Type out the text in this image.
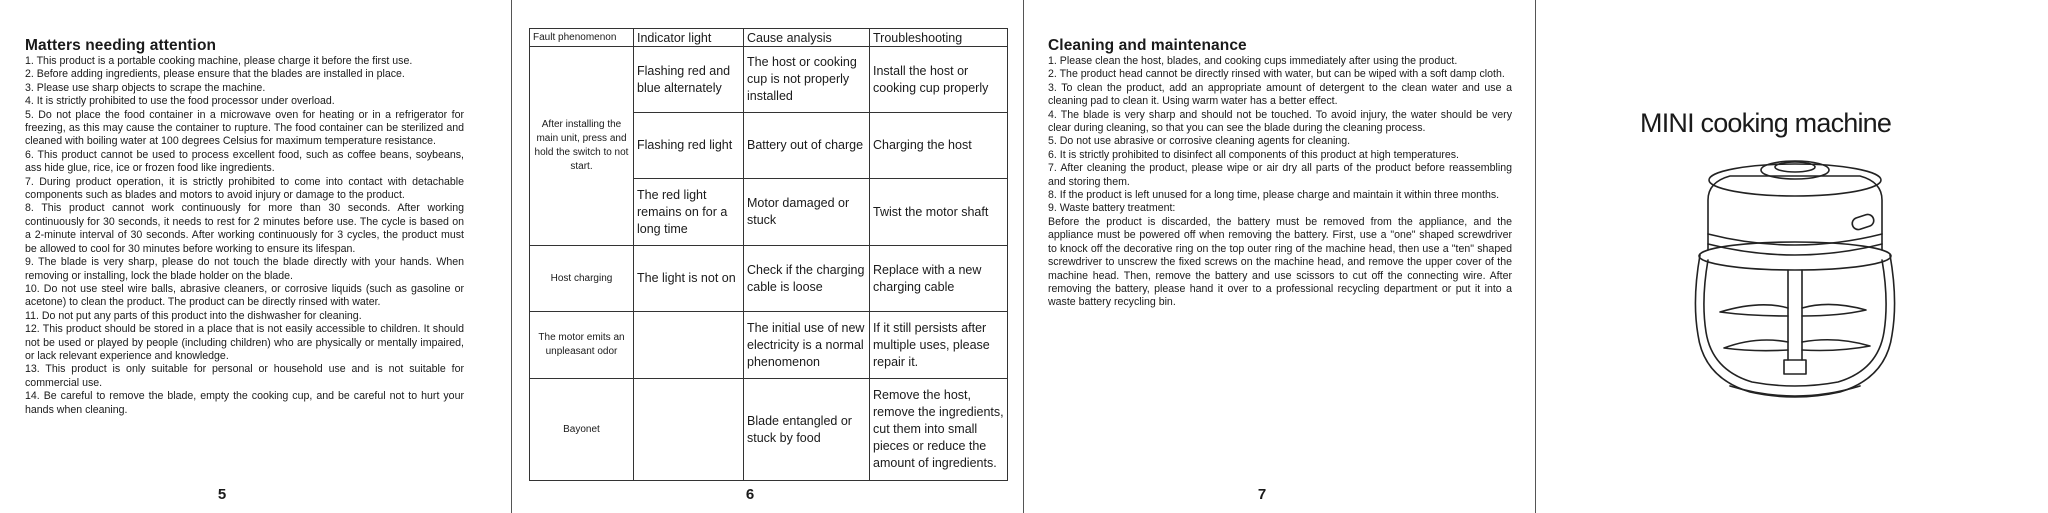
Matters needing attention

1. This product is a portable cooking machine, please charge it before the first use.

2. Before adding ingredients, please ensure that the blades are installed in place.

3. Please use sharp objects to scrape the machine.

4. It is strictly prohibited to use the food processor under overload.

5. Do not place the food container in a microwave oven for heating or in a refrigerator for freezing, as this may cause the container to rupture. The food container can be sterilized and cleaned with boiling water at 100 degrees Celsius for maximum temperature resistance.

6. This product cannot be used to process excellent food, such as coffee beans, soybeans, ass hide glue, rice, ice or frozen food like ingredients.

7. During product operation, it is strictly prohibited to come into contact with detachable components such as blades and motors to avoid injury or damage to the product.

8. This product cannot work continuously for more than 30 seconds. After working continuously for 30 seconds, it needs to rest for 2 minutes before use. The cycle is based on a 2-minute interval of 30 seconds. After working continuously for 3 cycles, the product must be allowed to cool for 30 minutes before working to ensure its lifespan.

9. The blade is very sharp, please do not touch the blade directly with your hands. When removing or installing, lock the blade holder on the blade.

10. Do not use steel wire balls, abrasive cleaners, or corrosive liquids (such as gasoline or acetone) to clean the product. The product can be directly rinsed with water.

11. Do not put any parts of this product into the dishwasher for cleaning.

12. This product should be stored in a place that is not easily accessible to children. It should not be used or played by people (including children) who are physically or mentally impaired, or lack relevant experience and knowledge.

13. This product is only suitable for personal or household use and is not suitable for commercial use.

14. Be careful to remove the blade, empty the cooking cup, and be careful not to hurt your hands when cleaning.

5
Fault phenomenon	Indicator light	Cause analysis	Troubleshooting
After installing the main unit, press and hold the switch to not start.	Flashing red and blue alternately	The host or cooking cup is not properly installed	Install the host or cooking cup properly
	Flashing red light	Battery out of charge	Charging the host
	The red light remains on for a long time	Motor damaged or stuck	Twist the motor shaft
Host charging	The light is not on	Check if the charging cable is loose	Replace with a new charging cable
The motor emits an unpleasant odor		The initial use of new electricity is a normal phenomenon	If it still persists after multiple uses, please repair it.
Bayonet		Blade entangled or stuck by food	Remove the host, remove the ingredients, cut them into small pieces or reduce the amount of ingredients.
6
Cleaning and maintenance

1. Please clean the host, blades, and cooking cups immediately after using the product.

2. The product head cannot be directly rinsed with water, but can be wiped with a soft damp cloth.

3. To clean the product, add an appropriate amount of detergent to the clean water and use a cleaning pad to clean it. Using warm water has a better effect.

4. The blade is very sharp and should not be touched. To avoid injury, the water should be very clear during cleaning, so that you can see the blade during the cleaning process.

5. Do not use abrasive or corrosive cleaning agents for cleaning.

6. It is strictly prohibited to disinfect all components of this product at high temperatures.

7. After cleaning the product, please wipe or air dry all parts of the product before reassembling and storing them.

8. If the product is left unused for a long time, please charge and maintain it within three months.

9. Waste battery treatment:

Before the product is discarded, the battery must be removed from the appliance, and the appliance must be powered off when removing the battery. First, use a "one" shaped screwdriver to knock off the decorative ring on the top outer ring of the machine head, then use a "ten" shaped screwdriver to unscrew the fixed screws on the machine head, and remove the upper cover of the machine head. Then, remove the battery and use scissors to cut off the connecting wire. After removing the battery, please hand it over to a professional recycling department or put it into a waste battery recycling bin.

7
MINI cooking machine
